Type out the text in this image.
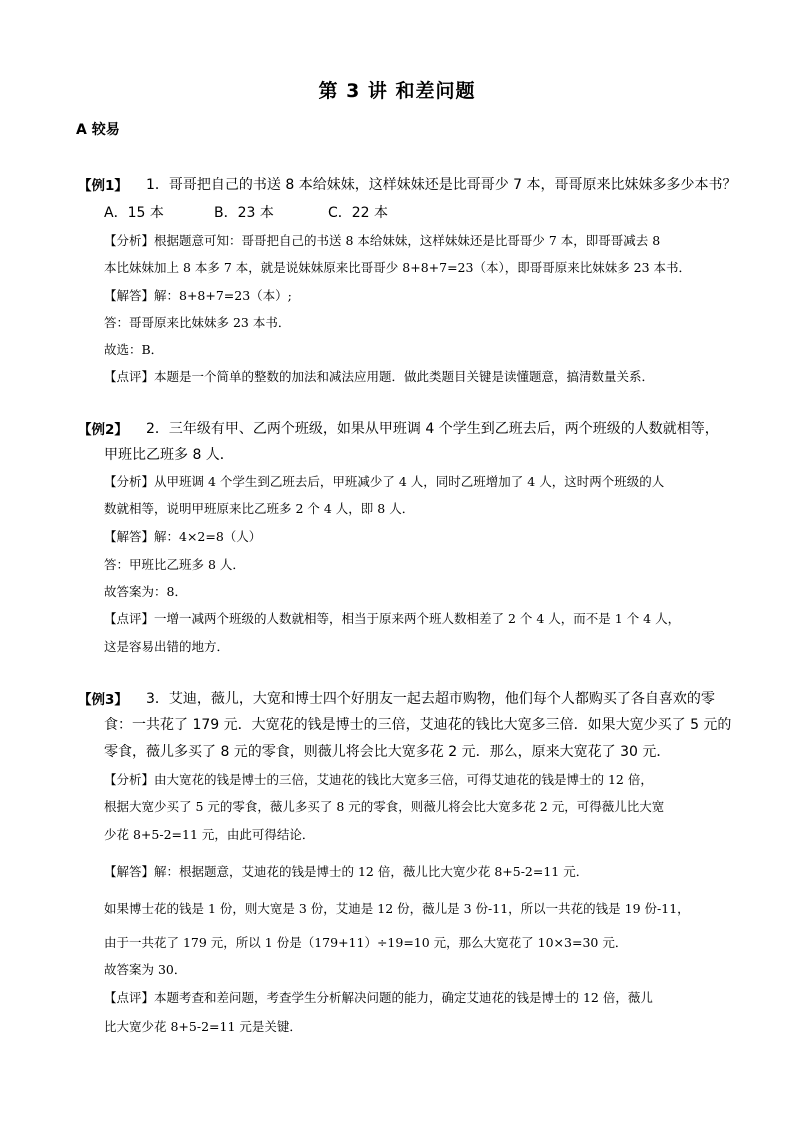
第 3 讲 和差问题
A 较易
【例1】 1．哥哥把自己的书送 8 本给妹妹，这样妹妹还是比哥哥少 7 本，哥哥原来比妹妹多多少本书？
A．15 本	B．23 本	C．22 本
【分析】根据题意可知：哥哥把自己的书送 8 本给妹妹，这样妹妹还是比哥哥少 7 本，即哥哥减去 8
本比妹妹加上 8 本多 7 本，就是说妹妹原来比哥哥少 8+8+7=23（本），即哥哥原来比妹妹多 23 本书．
【解答】解：8+8+7=23（本）;
答：哥哥原来比妹妹多 23 本书．
故选：B．
【点评】本题是一个简单的整数的加法和减法应用题．做此类题目关键是读懂题意，搞清数量关系．
【例2】 2．三年级有甲、乙两个班级，如果从甲班调 4 个学生到乙班去后，两个班级的人数就相等，
甲班比乙班多 8 人．
【分析】从甲班调 4 个学生到乙班去后，甲班减少了 4 人，同时乙班增加了 4 人，这时两个班级的人
数就相等，说明甲班原来比乙班多 2 个 4 人，即 8 人．
【解答】解：4×2=8（人）
答：甲班比乙班多 8 人．
故答案为：8．
【点评】一增一减两个班级的人数就相等，相当于原来两个班人数相差了 2 个 4 人，而不是 1 个 4 人，
这是容易出错的地方．
【例3】 3．艾迪，薇儿，大宽和博士四个好朋友一起去超市购物，他们每个人都购买了各自喜欢的零
食：一共花了 179 元．大宽花的钱是博士的三倍，艾迪花的钱比大宽多三倍．如果大宽少买了 5 元的
零食，薇儿多买了 8 元的零食，则薇儿将会比大宽多花 2 元．那么，原来大宽花了 30 元．
【分析】由大宽花的钱是博士的三倍，艾迪花的钱比大宽多三倍，可得艾迪花的钱是博士的 12 倍，
根据大宽少买了 5 元的零食，薇儿多买了 8 元的零食，则薇儿将会比大宽多花 2 元，可得薇儿比大宽
少花 8+5-2=11 元，由此可得结论．
【解答】解：根据题意，艾迪花的钱是博士的 12 倍，薇儿比大宽少花 8+5-2=11 元．
如果博士花的钱是 1 份，则大宽是 3 份，艾迪是 12 份，薇儿是 3 份-11，所以一共花的钱是 19 份-11，
由于一共花了 179 元，所以 1 份是（179+11）÷19=10 元，那么大宽花了 10×3=30 元．
故答案为 30．
【点评】本题考查和差问题，考查学生分析解决问题的能力，确定艾迪花的钱是博士的 12 倍，薇儿
比大宽少花 8+5-2=11 元是关键．
